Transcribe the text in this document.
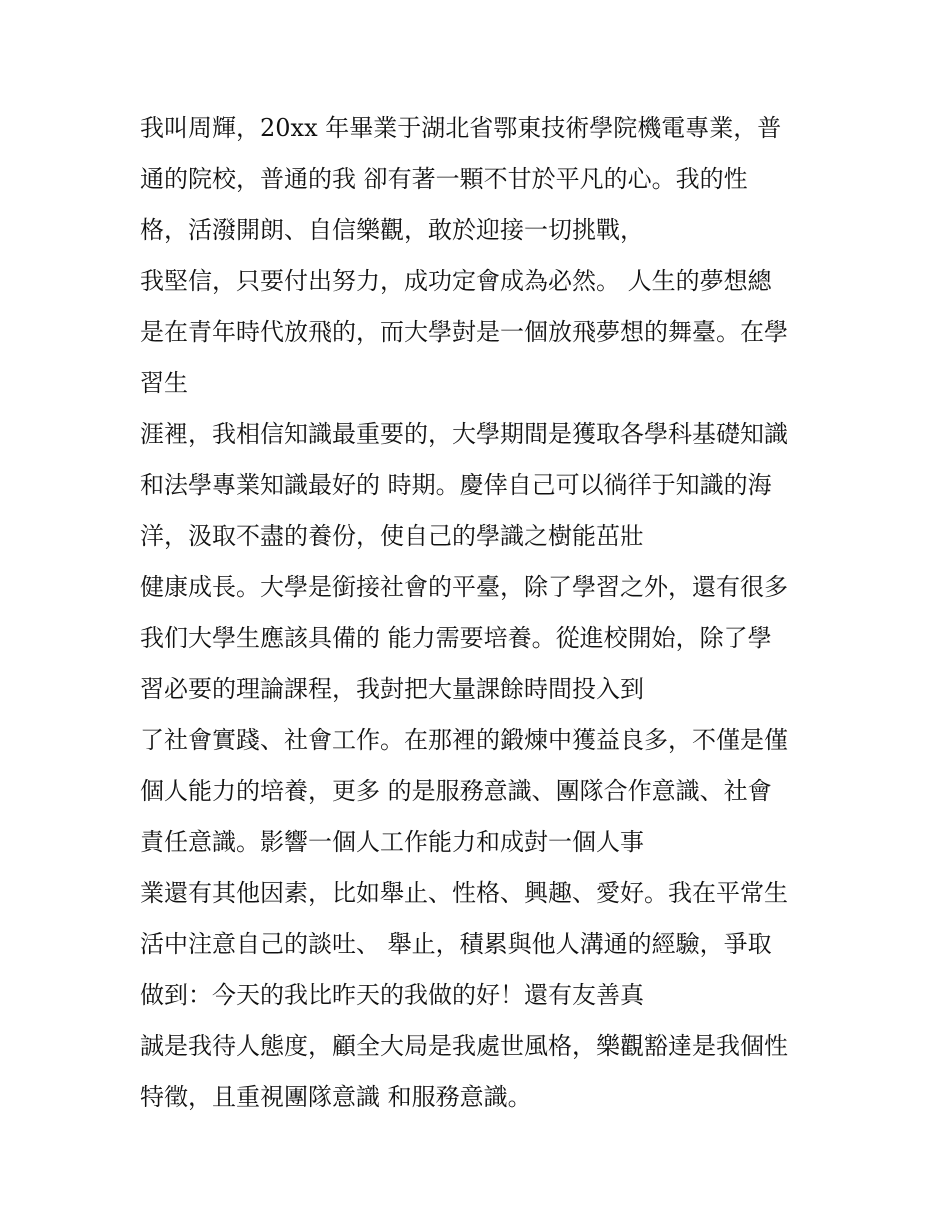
我叫周輝，20xx 年畢業于湖北省鄂東技術學院機電專業，普
通的院校，普通的我 卻有著一顆不甘於平凡的心。我的性
格，活潑開朗、自信樂觀，敢於迎接一切挑戰，
我堅信，只要付出努力，成功定會成為必然。 人生的夢想總
是在青年時代放飛的，而大學尌是一個放飛夢想的舞臺。在學
習生
涯裡，我相信知識最重要的，大學期間是獲取各學科基礎知識
和法學專業知識最好的 時期。慶倖自己可以徜徉于知識的海
洋，汲取不盡的養份，使自己的學識之樹能茁壯
健康成長。大學是銜接社會的平臺，除了學習之外，還有很多
我们大學生應該具備的 能力需要培養。從進校開始，除了學
習必要的理論課程，我尌把大量課餘時間投入到
了社會實踐、社會工作。在那裡的鍛煉中獲益良多，不僅是僅
個人能力的培養，更多 的是服務意識、團隊合作意識、社會
責任意識。影響一個人工作能力和成尌一個人事
業還有其他因素，比如舉止、性格、興趣、愛好。我在平常生
活中注意自己的談吐、 舉止，積累與他人溝通的經驗，爭取
做到：今天的我比昨天的我做的好！還有友善真
誠是我待人態度，顧全大局是我處世風格，樂觀豁達是我個性
特徵，且重視團隊意識 和服務意識。
